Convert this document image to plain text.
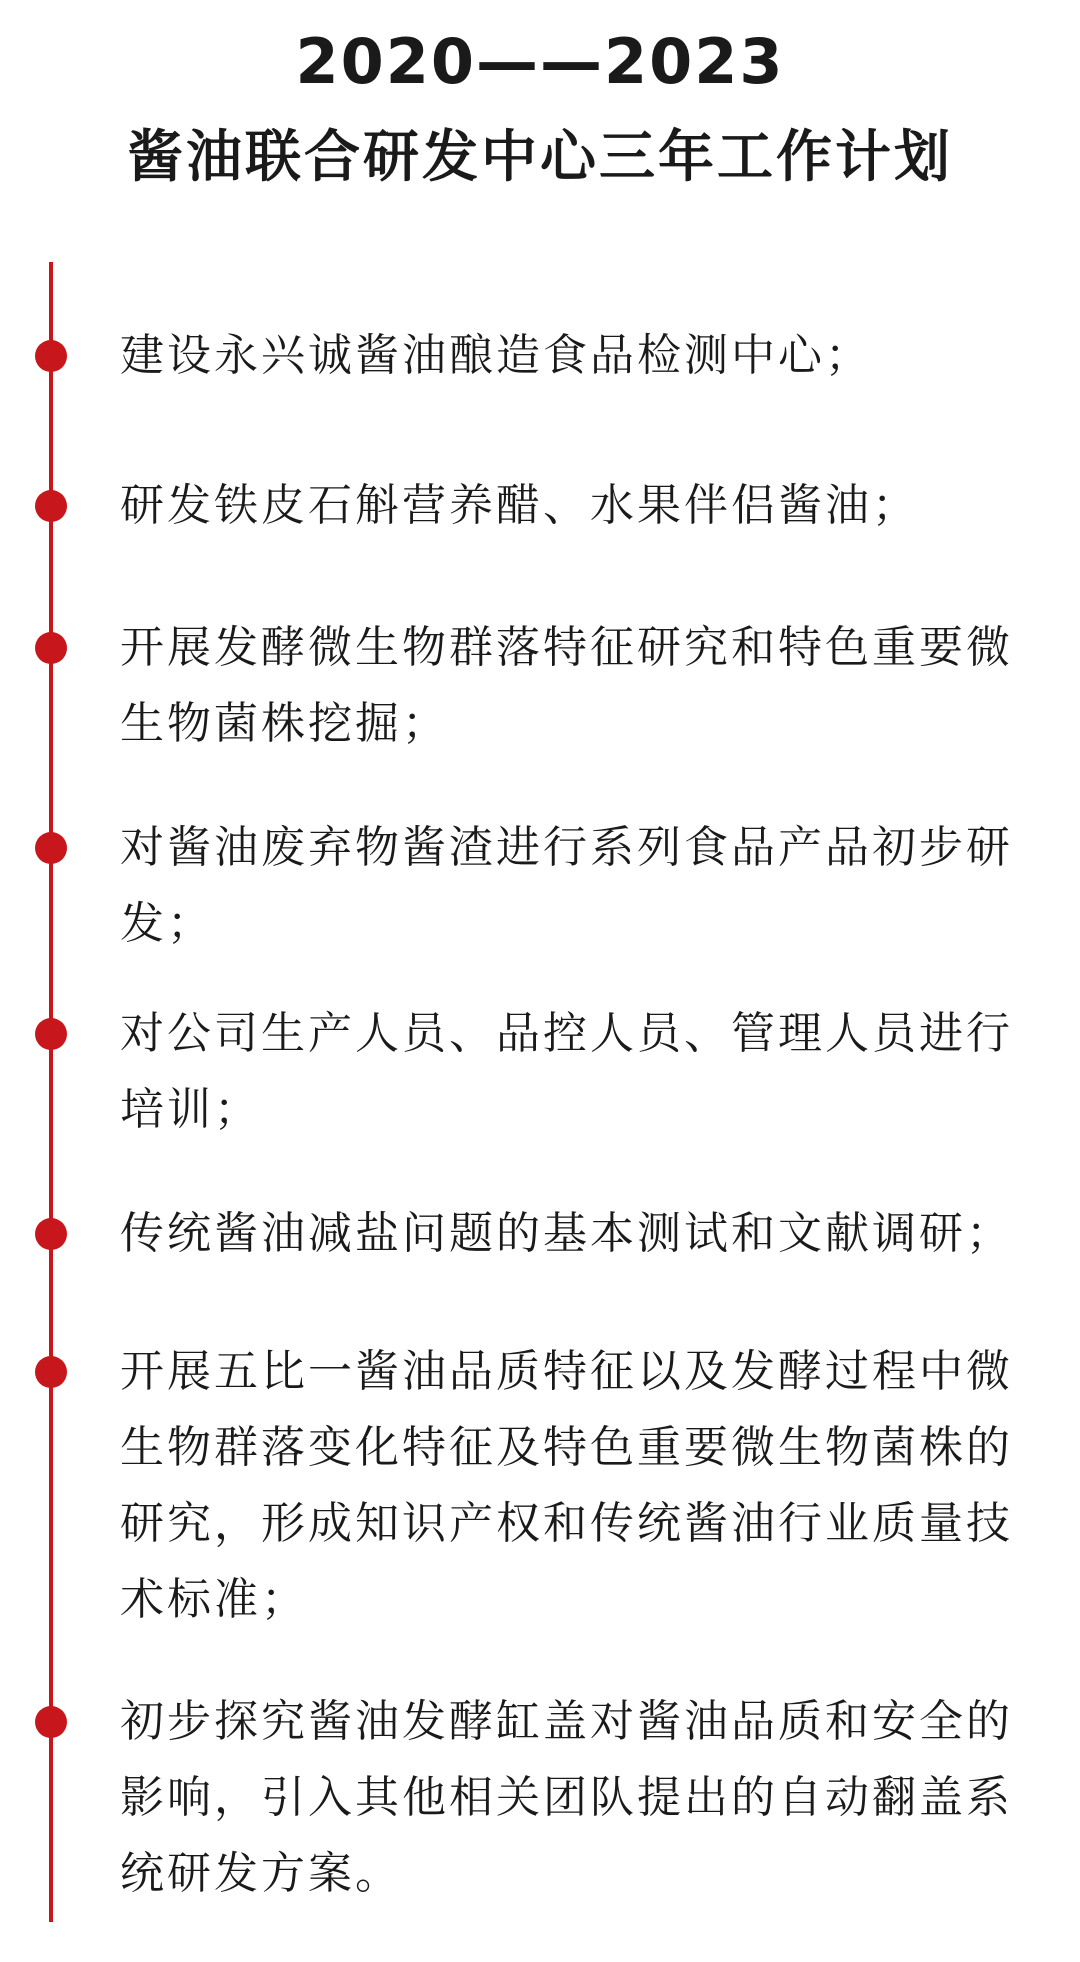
2020——2023
酱油联合研发中心三年工作计划
建设永兴诚酱油酿造食品检测中心；
研发铁皮石斛营养醋、水果伴侣酱油；
开展发酵微生物群落特征研究和特色重要微生物菌株挖掘；
对酱油废弃物酱渣进行系列食品产品初步研发；
对公司生产人员、品控人员、管理人员进行培训；
传统酱油减盐问题的基本测试和文献调研；
开展五比一酱油品质特征以及发酵过程中微生物群落变化特征及特色重要微生物菌株的研究，形成知识产权和传统酱油行业质量技术标准；
初步探究酱油发酵缸盖对酱油品质和安全的影响，引入其他相关团队提出的自动翻盖系统研发方案。
